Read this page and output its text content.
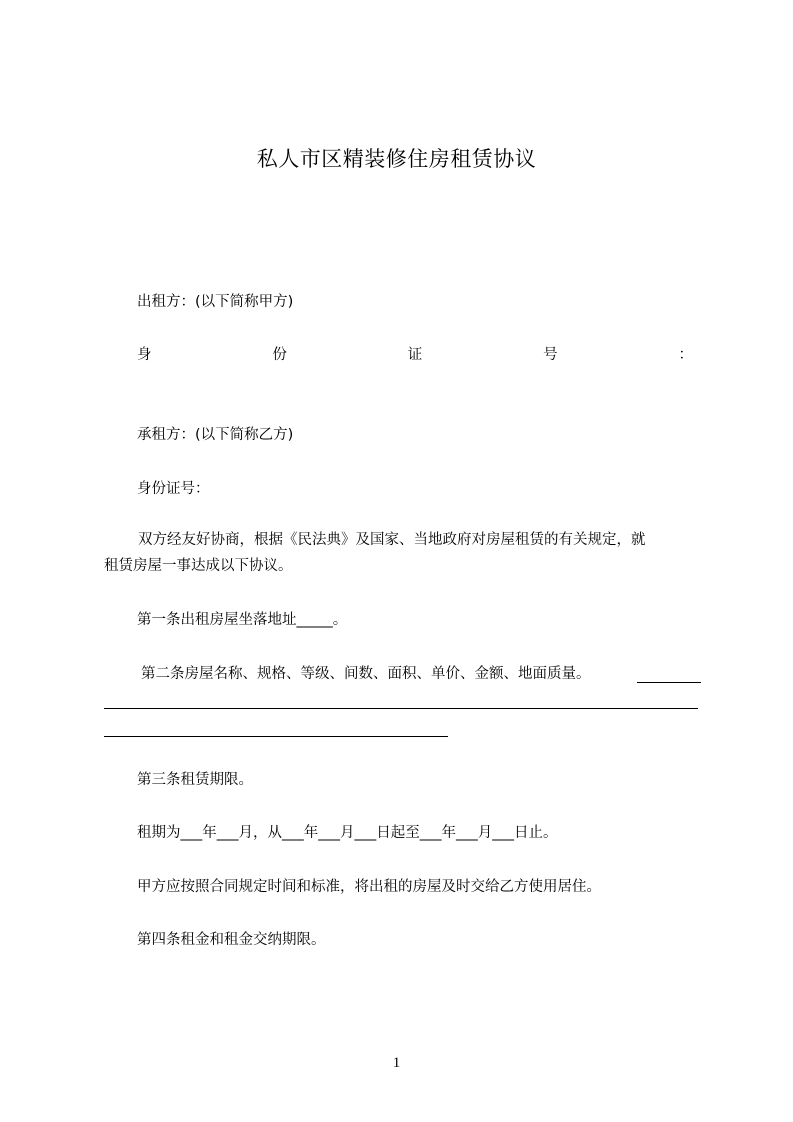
私人市区精装修住房租赁协议
出租方：(以下简称甲方)
身	份	证	号	：
承租方：(以下简称乙方)
身份证号：
双方经友好协商，根据《民法典》及国家、当地政府对房屋租赁的有关规定，就
租赁房屋一事达成以下协议。
第一条出租房屋坐落地址_____。
第二条房屋名称、规格、等级、间数、面积、单价、金额、地面质量。
第三条租赁期限。
租期为___年___月，从___年___月___日起至___年___月___日止。
甲方应按照合同规定时间和标准，将出租的房屋及时交给乙方使用居住。
第四条租金和租金交纳期限。
1
